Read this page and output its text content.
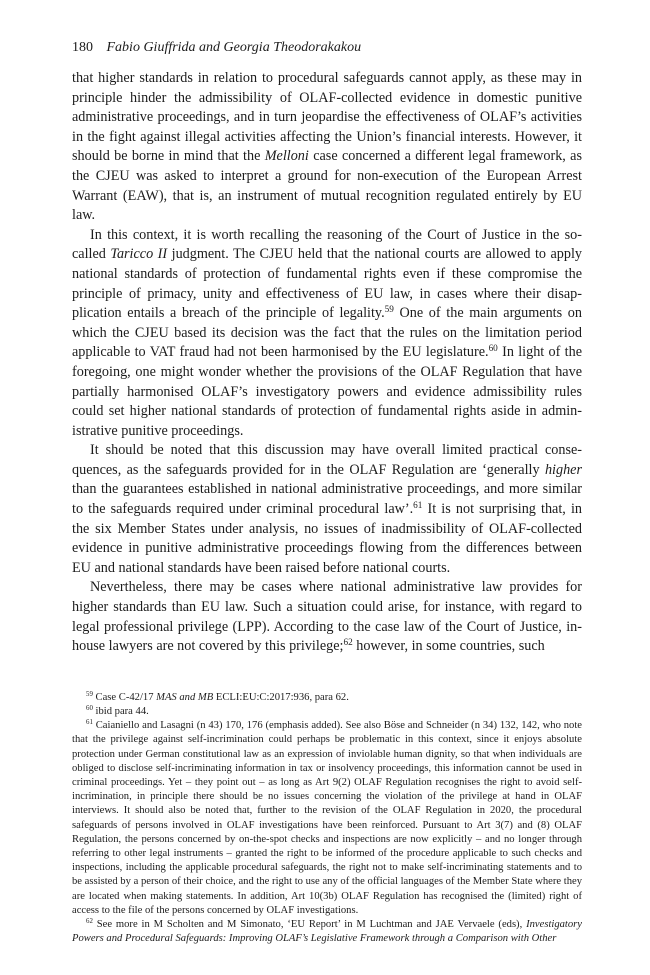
180 Fabio Giuffrida and Georgia Theodorakakou

that higher standards in relation to procedural safeguards cannot apply, as these may in principle hinder the admissibility of OLAF-collected evidence in domestic punitive administrative proceedings, and in turn jeopardise the effectiveness of OLAF’s activities in the fight against illegal activities affecting the Union’s financial interests. However, it should be borne in mind that the Melloni case concerned a different legal framework, as the CJEU was asked to interpret a ground for non-execution of the European Arrest Warrant (EAW), that is, an instrument of mutual recognition regulated entirely by EU law.

In this context, it is worth recalling the reasoning of the Court of Justice in the so-called Taricco II judgment. The CJEU held that the national courts are allowed to apply national standards of protection of fundamental rights even if these compromise the principle of primacy, unity and effectiveness of EU law, in cases where their disapplication entails a breach of the principle of legality.$^{59}$ One of the main arguments on which the CJEU based its decision was the fact that the rules on the limitation period applicable to VAT fraud had not been harmonised by the EU legislature.$^{60}$ In light of the foregoing, one might wonder whether the provisions of the OLAF Regulation that have partially harmonised OLAF’s investigatory powers and evidence admissibility rules could set higher national standards of protection of fundamental rights aside in administrative punitive proceedings.

It should be noted that this discussion may have overall limited practical consequences, as the safeguards provided for in the OLAF Regulation are ‘generally higher than the guarantees established in national administrative proceedings, and more similar to the safeguards required under criminal procedural law’.$^{61}$ It is not surprising that, in the six Member States under analysis, no issues of inadmissibility of OLAF-collected evidence in punitive administrative proceedings flowing from the differences between EU and national standards have been raised before national courts.

Nevertheless, there may be cases where national administrative law provides for higher standards than EU law. Such a situation could arise, for instance, with regard to legal professional privilege (LPP). According to the case law of the Court of Justice, in-house lawyers are not covered by this privilege;$^{62}$ however, in some countries, such

$^{59}$ Case C-42/17 MAS and MB ECLI:EU:C:2017:936, para 62.

$^{60}$ ibid para 44.

$^{61}$ Caianiello and Lasagni (n 43) 170, 176 (emphasis added). See also Böse and Schneider (n 34) 132, 142, who note that the privilege against self-incrimination could perhaps be problematic in this context, since it enjoys absolute protection under German constitutional law as an expression of inviolable human dignity, so that when individuals are obliged to disclose self-incriminating information in tax or insolvency proceedings, this information cannot be used in criminal proceedings. Yet – they point out – as long as Art 9(2) OLAF Regulation recognises the right to avoid self-incrimination, in principle there should be no issues concerning the violation of the privilege at hand in OLAF interviews. It should also be noted that, further to the revision of the OLAF Regulation in 2020, the procedural safeguards of persons involved in OLAF investigations have been reinforced. Pursuant to Art 3(7) and (8) OLAF Regulation, the persons concerned by on-the-spot checks and inspections are now explicitly – and no longer through referring to other legal instruments – granted the right to be informed of the procedure applicable to such checks and inspections, including the applicable procedural safeguards, the right not to make self-incriminating statements and to be assisted by a person of their choice, and the right to use any of the official languages of the Member State where they are located when making statements. In addition, Art 10(3b) OLAF Regulation has recognised the (limited) right of access to the file of the persons concerned by OLAF investigations.

$^{62}$ See more in M Scholten and M Simonato, ‘EU Report’ in M Luchtman and JAE Vervaele (eds), Investigatory Powers and Procedural Safeguards: Improving OLAF’s Legislative Framework through a Comparison with Other
